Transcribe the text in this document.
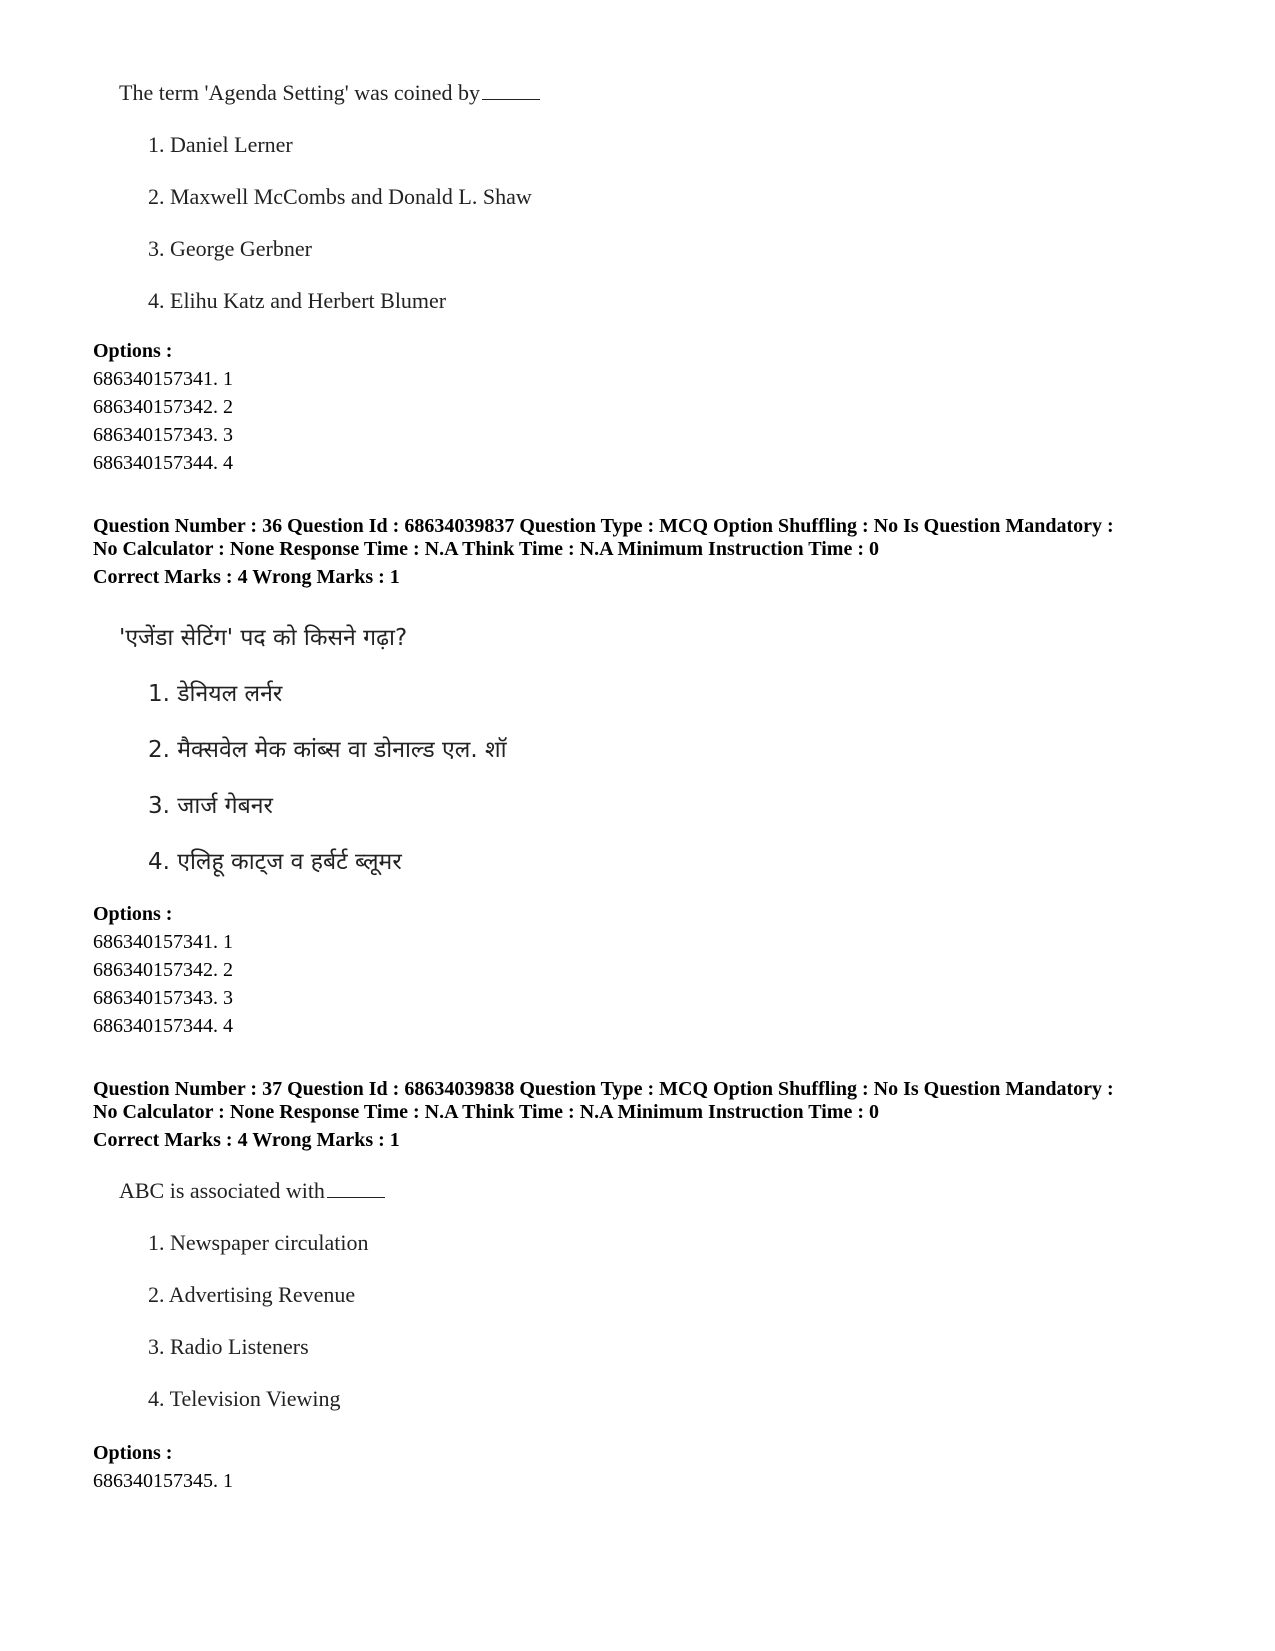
The term 'Agenda Setting' was coined by
1. Daniel Lerner
2. Maxwell McCombs and Donald L. Shaw
3. George Gerbner
4. Elihu Katz and Herbert Blumer
Options :
686340157341. 1
686340157342. 2
686340157343. 3
686340157344. 4
Question Number : 36 Question Id : 68634039837 Question Type : MCQ Option Shuffling : No Is Question Mandatory :
No Calculator : None Response Time : N.A Think Time : N.A Minimum Instruction Time : 0
Correct Marks : 4 Wrong Marks : 1
'एजेंडा सेटिंग' पद को किसने गढ़ा?
1. डेनियल लर्नर
2. मैक्सवेल मेक कांब्स वा डोनाल्ड एल. शॉ
3. जार्ज गेबनर
4. एलिहू काट्ज व हर्बर्ट ब्लूमर
Options :
686340157341. 1
686340157342. 2
686340157343. 3
686340157344. 4
Question Number : 37 Question Id : 68634039838 Question Type : MCQ Option Shuffling : No Is Question Mandatory :
No Calculator : None Response Time : N.A Think Time : N.A Minimum Instruction Time : 0
Correct Marks : 4 Wrong Marks : 1
ABC is associated with
1. Newspaper circulation
2. Advertising Revenue
3. Radio Listeners
4. Television Viewing
Options :
686340157345. 1
